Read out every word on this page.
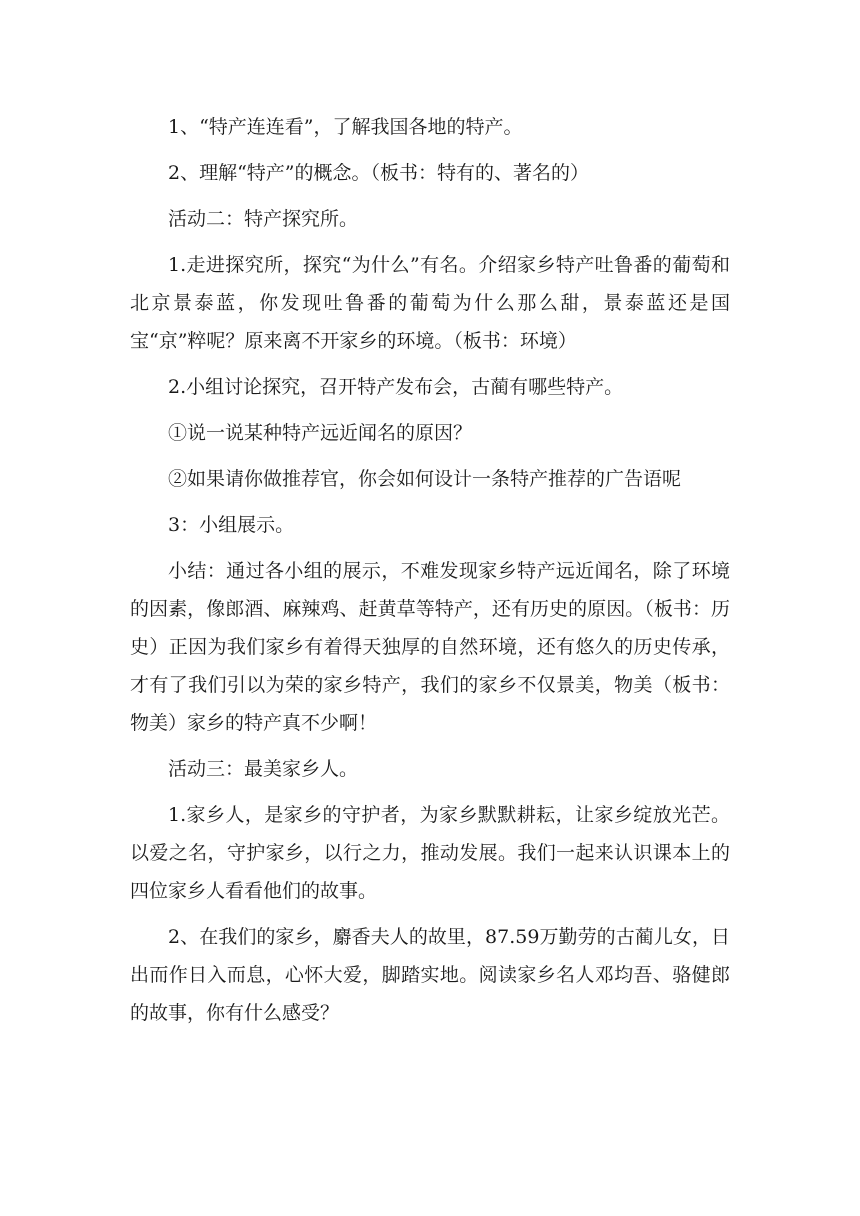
1、“特产连连看”，了解我国各地的特产。

2、理解“特产”的概念。（板书：特有的、著名的）

活动二：特产探究所。

1.走进探究所，探究“为什么”有名。介绍家乡特产吐鲁番的葡萄和北京景泰蓝，你发现吐鲁番的葡萄为什么那么甜，景泰蓝还是国宝“京”粹呢？原来离不开家乡的环境。（板书：环境）

2.小组讨论探究，召开特产发布会，古蔺有哪些特产。

①说一说某种特产远近闻名的原因？

②如果请你做推荐官，你会如何设计一条特产推荐的广告语呢

3：小组展示。

小结：通过各小组的展示，不难发现家乡特产远近闻名，除了环境的因素，像郎酒、麻辣鸡、赶黄草等特产，还有历史的原因。（板书：历史）正因为我们家乡有着得天独厚的自然环境，还有悠久的历史传承，才有了我们引以为荣的家乡特产，我们的家乡不仅景美，物美（板书：物美）家乡的特产真不少啊！

活动三：最美家乡人。

1.家乡人，是家乡的守护者，为家乡默默耕耘，让家乡绽放光芒。以爱之名，守护家乡，以行之力，推动发展。我们一起来认识课本上的四位家乡人看看他们的故事。

2、在我们的家乡，麝香夫人的故里，87.59万勤劳的古蔺儿女，日出而作日入而息，心怀大爱，脚踏实地。阅读家乡名人邓均吾、骆健郎的故事，你有什么感受？
